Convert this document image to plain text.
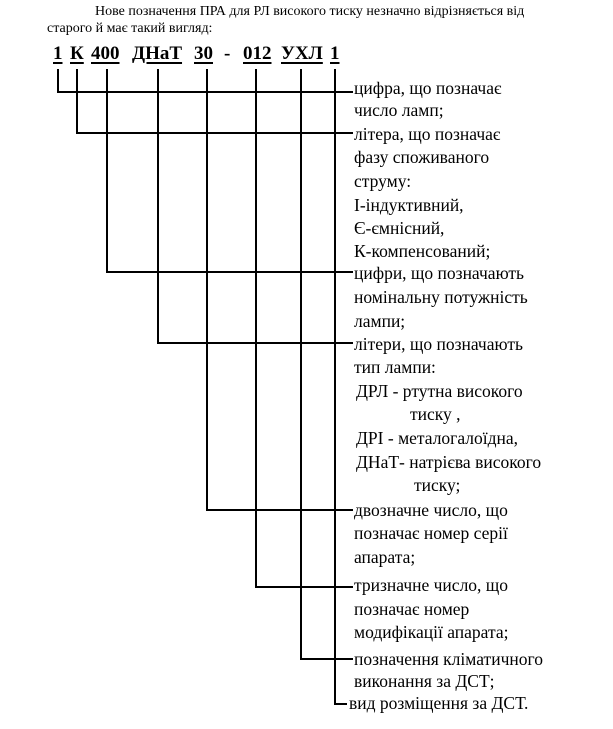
Нове позначення ПРА для РЛ високого тиску незначно відрізняється від
старого й має такий вигляд:
1 К 400 ДНаТ 30 - 012 УХЛ 1
цифра, що позначає
число ламп;
літера, що позначає
фазу споживаного
струму:
І-індуктивний,
Є-ємнісний,
К-компенсований;
цифри, що позначають
номінальну потужність
лампи;
літери, що позначають
тип лампи:
ДРЛ - ртутна високого
тиску ,
ДРІ - металогалоїдна,
ДНаТ- натрієва високого
тиску;
двозначне число, що
позначає номер серії
апарата;
тризначне число, що
позначає номер
модифікації апарата;
позначення кліматичного
виконання за ДСТ;
вид розміщення за ДСТ.
